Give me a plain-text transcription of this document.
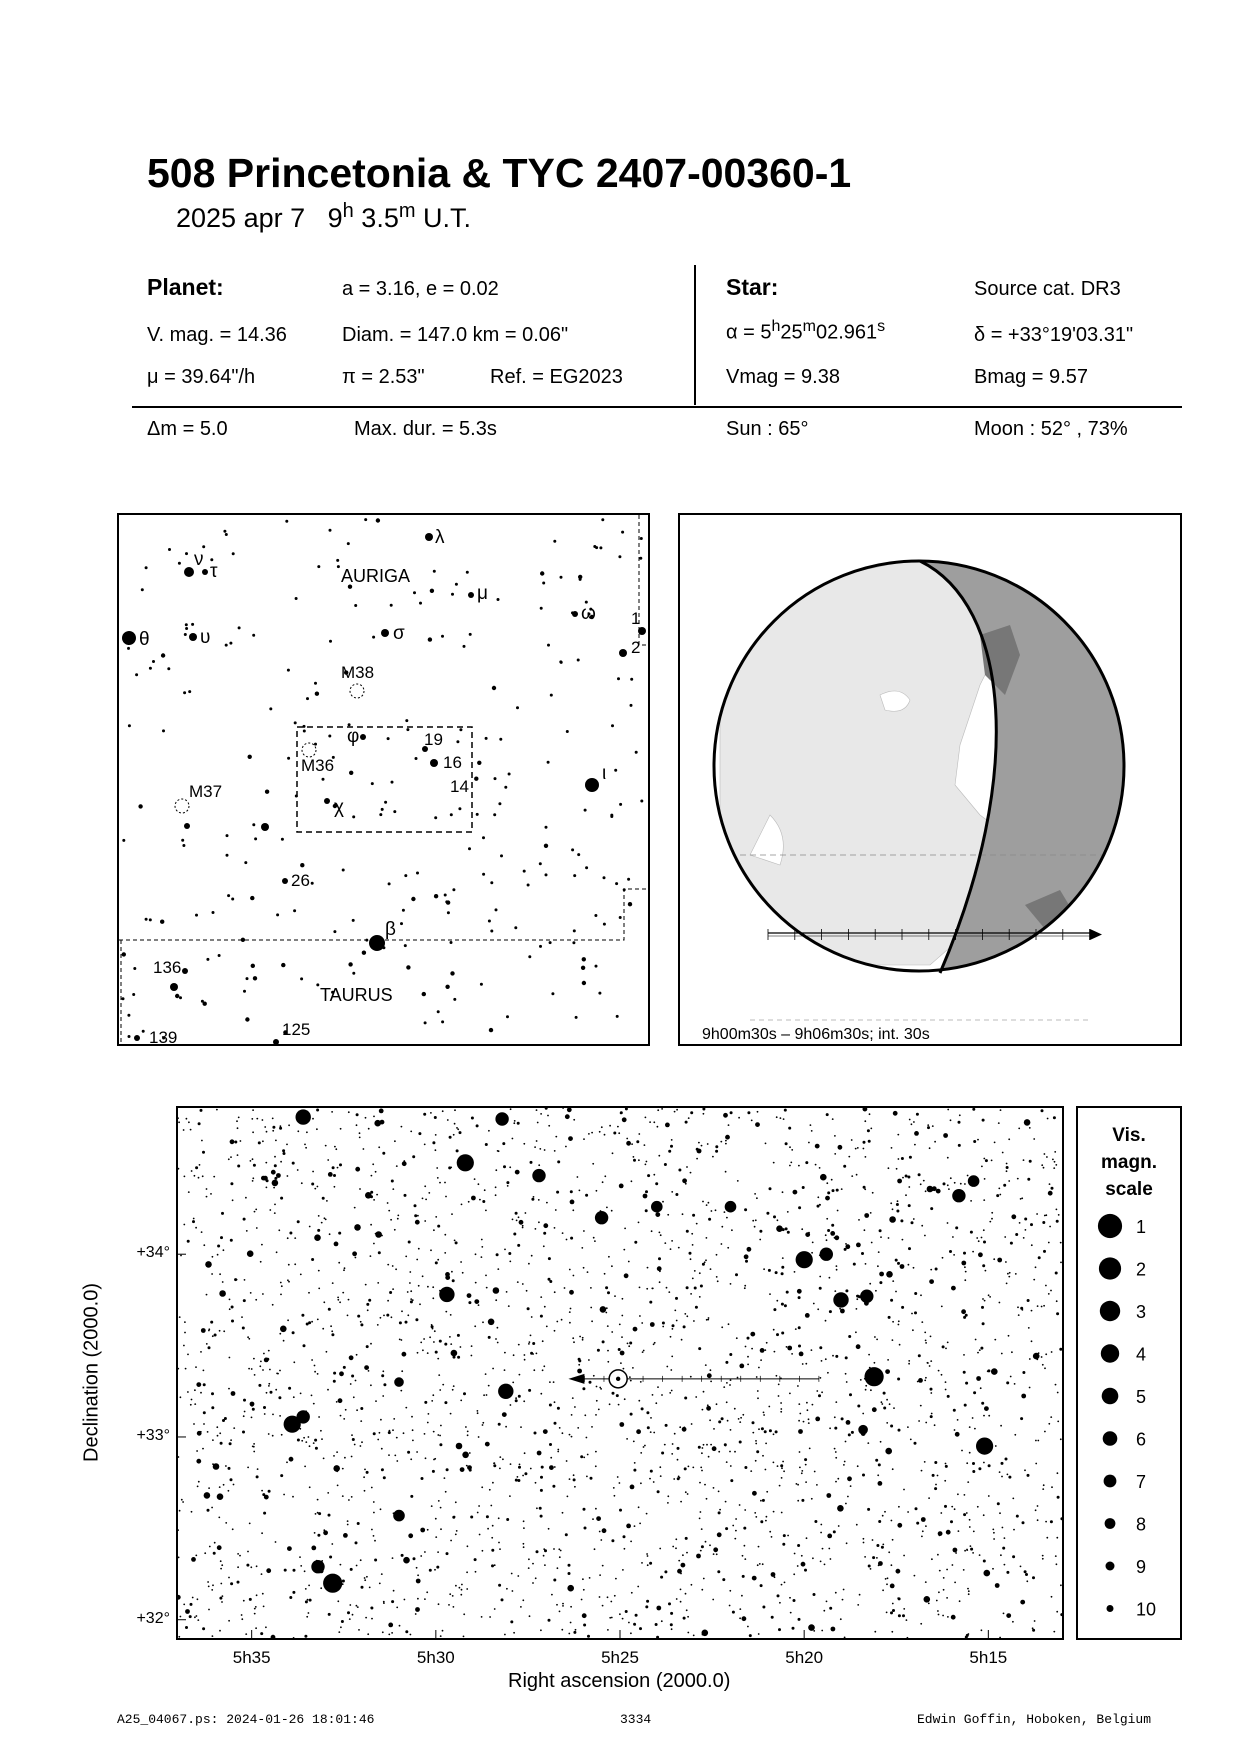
508 Princetonia & TYC 2407-00360-1
2025 apr 7 9$^h$ 3.5$^m$ U.T.
Planet:	a = 3.16, e = 0.02
V. mag. = 14.36	Diam. = 147.0 km = 0.06"
μ = 39.64"/h	π = 2.53"	Ref. = EG2023
Star:	Source cat. DR3
$\alpha = 5^h25^m02.961^s$	δ = +33°19'03.31"
Vmag = 9.38	Bmag = 9.57
Δm = 5.0	Max. dur. = 5.3s	Sun : 65°	Moon : 52° , 73%
ν
τ
λ
μ
ω
θ	υ	σ
1
2
M38
φ	19
M36	16
ι
14
M37
χ
26
β
136
139	125
AURIGA
TAURUS
9h00m30s – 9h06m30s; int. 30s
5h35	5h30	5h25	5h20	5h15
+34°
+33°
+32°
Right ascension (2000.0)
Declination (2000.0)
Vis.
magn.
scale
1
2
3
4
5
6
7
8
9
10
A25_04067.ps: 2024-01-26 18:01:46	3334	Edwin Goffin, Hoboken, Belgium
